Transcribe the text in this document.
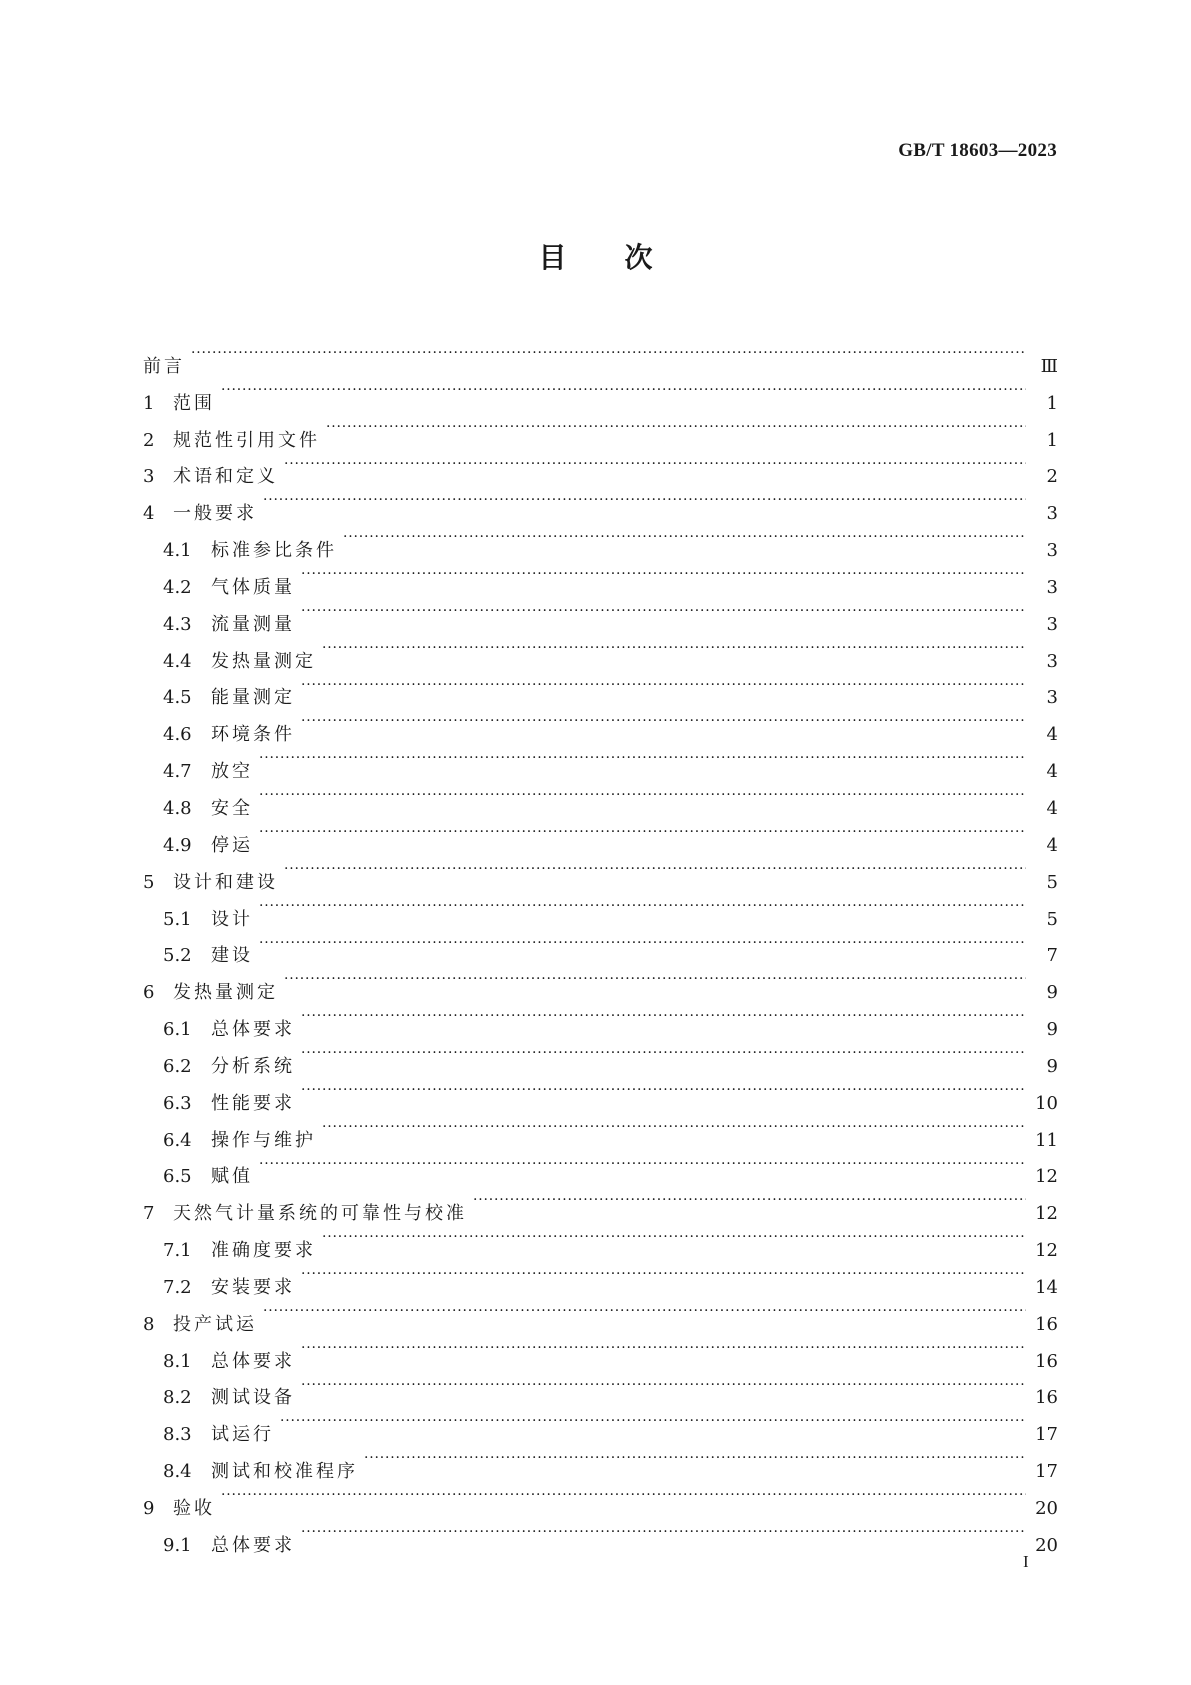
GB/T 18603—2023
目次
前言 ·····	Ⅲ
1	范围 ·····	1
2	规范性引用文件 ·····	1
3	术语和定义 ·····	2
4	一般要求 ·····	3
4.1	标准参比条件 ·····	3
4.2	气体质量 ·····	3
4.3	流量测量 ·····	3
4.4	发热量测定 ·····	3
4.5	能量测定 ·····	3
4.6	环境条件 ·····	4
4.7	放空 ·····	4
4.8	安全 ·····	4
4.9	停运 ·····	4
5	设计和建设 ·····	5
5.1	设计 ·····	5
5.2	建设 ·····	7
6	发热量测定 ·····	9
6.1	总体要求 ·····	9
6.2	分析系统 ·····	9
6.3	性能要求 ·····	10
6.4	操作与维护 ·····	11
6.5	赋值 ·····	12
7	天然气计量系统的可靠性与校准 ·····	12
7.1	准确度要求 ·····	12
7.2	安装要求 ·····	14
8	投产试运 ·····	16
8.1	总体要求 ·····	16
8.2	测试设备 ·····	16
8.3	试运行 ·····	17
8.4	测试和校准程序 ·····	17
9	验收 ·····	20
9.1	总体要求 ·····	20
I
